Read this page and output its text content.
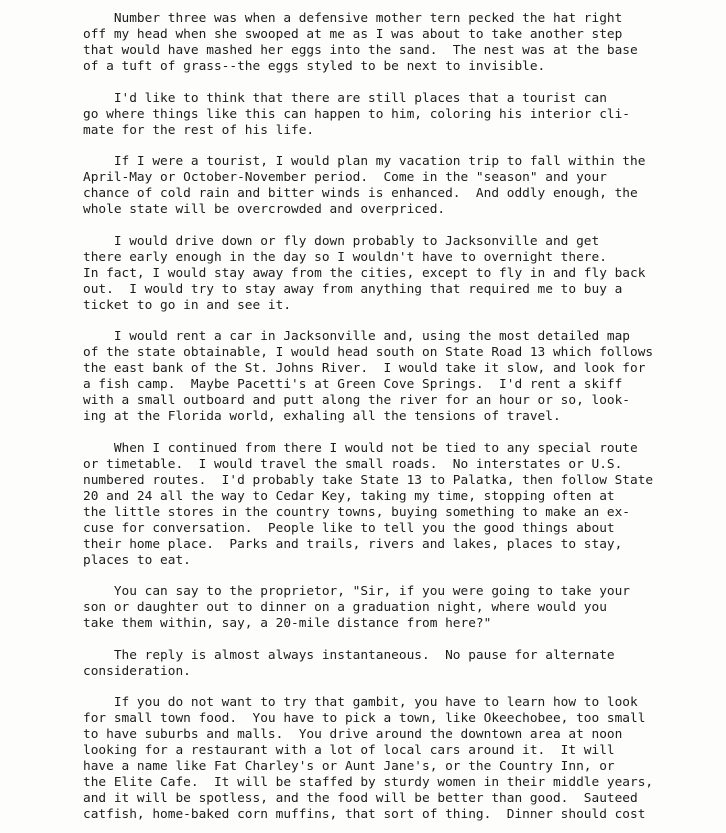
Number three was when a defensive mother tern pecked the hat right
off my head when she swooped at me as I was about to take another step
that would have mashed her eggs into the sand.  The nest was at the base
of a tuft of grass--the eggs styled to be next to invisible.
I'd like to think that there are still places that a tourist can
go where things like this can happen to him, coloring his interior cli-
mate for the rest of his life.
If I were a tourist, I would plan my vacation trip to fall within the
April-May or October-November period.  Come in the "season" and your
chance of cold rain and bitter winds is enhanced.  And oddly enough, the
whole state will be overcrowded and overpriced.
I would drive down or fly down probably to Jacksonville and get
there early enough in the day so I wouldn't have to overnight there.
In fact, I would stay away from the cities, except to fly in and fly back
out.  I would try to stay away from anything that required me to buy a
ticket to go in and see it.
I would rent a car in Jacksonville and, using the most detailed map
of the state obtainable, I would head south on State Road 13 which follows
the east bank of the St. Johns River.  I would take it slow, and look for
a fish camp.  Maybe Pacetti's at Green Cove Springs.  I'd rent a skiff
with a small outboard and putt along the river for an hour or so, look-
ing at the Florida world, exhaling all the tensions of travel.
When I continued from there I would not be tied to any special route
or timetable.  I would travel the small roads.  No interstates or U.S.
numbered routes.  I'd probably take State 13 to Palatka, then follow State
20 and 24 all the way to Cedar Key, taking my time, stopping often at
the little stores in the country towns, buying something to make an ex-
cuse for conversation.  People like to tell you the good things about
their home place.  Parks and trails, rivers and lakes, places to stay,
places to eat.
You can say to the proprietor, "Sir, if you were going to take your
son or daughter out to dinner on a graduation night, where would you
take them within, say, a 20-mile distance from here?"
The reply is almost always instantaneous.  No pause for alternate
consideration.
If you do not want to try that gambit, you have to learn how to look
for small town food.  You have to pick a town, like Okeechobee, too small
to have suburbs and malls.  You drive around the downtown area at noon
looking for a restaurant with a lot of local cars around it.  It will
have a name like Fat Charley's or Aunt Jane's, or the Country Inn, or
the Elite Cafe.  It will be staffed by sturdy women in their middle years,
and it will be spotless, and the food will be better than good.  Sauteed
catfish, home-baked corn muffins, that sort of thing.  Dinner should cost
